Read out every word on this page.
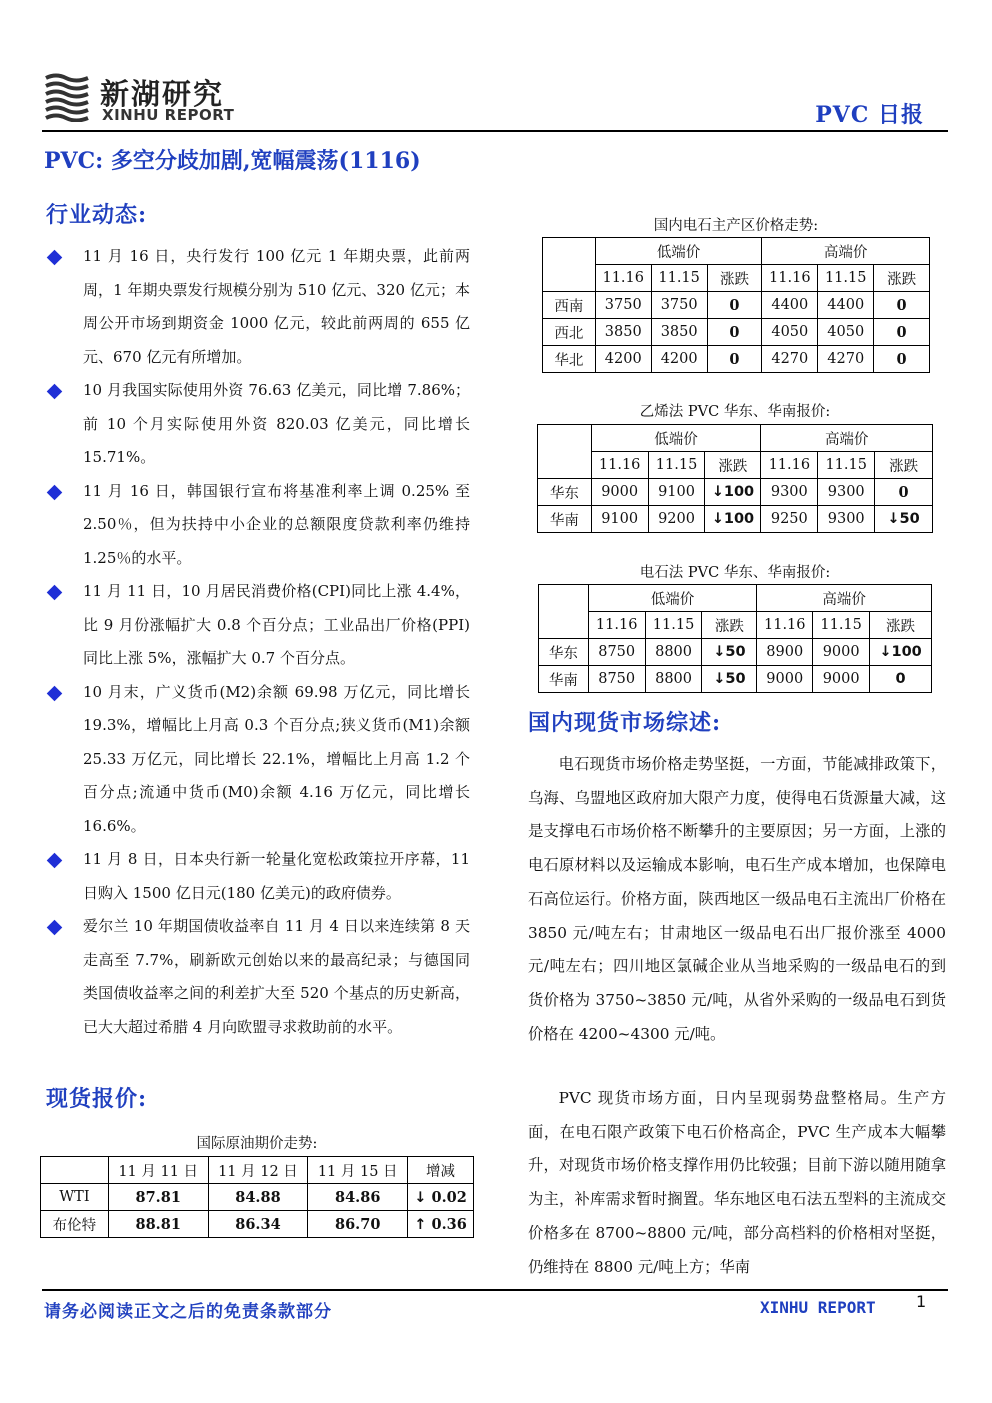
新湖研究
XINHU REPORT	PVC 日报
PVC: 多空分歧加剧,宽幅震荡(1116)
行业动态:
11 月 16 日，央行发行 100 亿元 1 年期央票，此前两周，1 年期央票发行规模分别为 510 亿元、320 亿元；本周公开市场到期资金 1000 亿元，较此前两周的 655 亿元、670 亿元有所增加。
10 月我国实际使用外资 76.63 亿美元，同比增 7.86%；前 10 个月实际使用外资 820.03 亿美元，同比增长 15.71%。
11 月 16 日，韩国银行宣布将基准利率上调 0.25% 至 2.50％，但为扶持中小企业的总额限度贷款利率仍维持 1.25％的水平。
11 月 11 日，10 月居民消费价格(CPI)同比上涨 4.4%，比 9 月份涨幅扩大 0.8 个百分点；工业品出厂价格(PPI)同比上涨 5%，涨幅扩大 0.7 个百分点。
10 月末，广义货币(M2)余额 69.98 万亿元，同比增长19.3%，增幅比上月高 0.3 个百分点;狭义货币(M1)余额 25.33 万亿元，同比增长 22.1%，增幅比上月高 1.2 个百分点;流通中货币(M0)余额 4.16 万亿元，同比增长 16.6%。
11 月 8 日，日本央行新一轮量化宽松政策拉开序幕，11 日购入 1500 亿日元(180 亿美元)的政府债券。
爱尔兰 10 年期国债收益率自 11 月 4 日以来连续第 8 天走高至 7.7%，刷新欧元创始以来的最高纪录；与德国同类国债收益率之间的利差扩大至 520 个基点的历史新高，已大大超过希腊 4 月向欧盟寻求救助前的水平。
现货报价:
国际原油期价走势:
	11 月 11 日	11 月 12 日	11 月 15 日	增减
WTI	87.81	84.88	84.86	↓ 0.02
布伦特	88.81	86.34	86.70	↑ 0.36
国内电石主产区价格走势:
	低端价			高端价		
	11.16	11.15	涨跌	11.16	11.15	涨跌
西南	3750	3750	0	4400	4400	0
西北	3850	3850	0	4050	4050	0
华北	4200	4200	0	4270	4270	0
乙烯法 PVC 华东、华南报价:
	低端价			高端价		
	11.16	11.15	涨跌	11.16	11.15	涨跌
华东	9000	9100	↓100	9300	9300	0
华南	9100	9200	↓100	9250	9300	↓50
电石法 PVC 华东、华南报价:
	低端价			高端价		
	11.16	11.15	涨跌	11.16	11.15	涨跌
华东	8750	8800	↓50	8900	9000	↓100
华南	8750	8800	↓50	9000	9000	0
国内现货市场综述:
电石现货市场价格走势坚挺，一方面，节能减排政策下，乌海、乌盟地区政府加大限产力度，使得电石货源量大减，这是支撑电石市场价格不断攀升的主要原因；另一方面，上涨的电石原材料以及运输成本影响，电石生产成本增加，也保障电石高位运行。价格方面，陕西地区一级品电石主流出厂价格在 3850 元/吨左右；甘肃地区一级品电石出厂报价涨至 4000 元/吨左右；四川地区氯碱企业从当地采购的一级品电石的到货价格为 3750~3850 元/吨，从省外采购的一级品电石到货价格在 4200~4300 元/吨。
PVC 现货市场方面，日内呈现弱势盘整格局。生产方面，在电石限产政策下电石价格高企，PVC 生产成本大幅攀升，对现货市场价格支撑作用仍比较强；目前下游以随用随拿为主，补库需求暂时搁置。华东地区电石法五型料的主流成交价格多在 8700~8800 元/吨，部分高档料的价格相对坚挺，仍维持在 8800 元/吨上方；华南
请务必阅读正文之后的免责条款部分	XINHU REPORT	1
